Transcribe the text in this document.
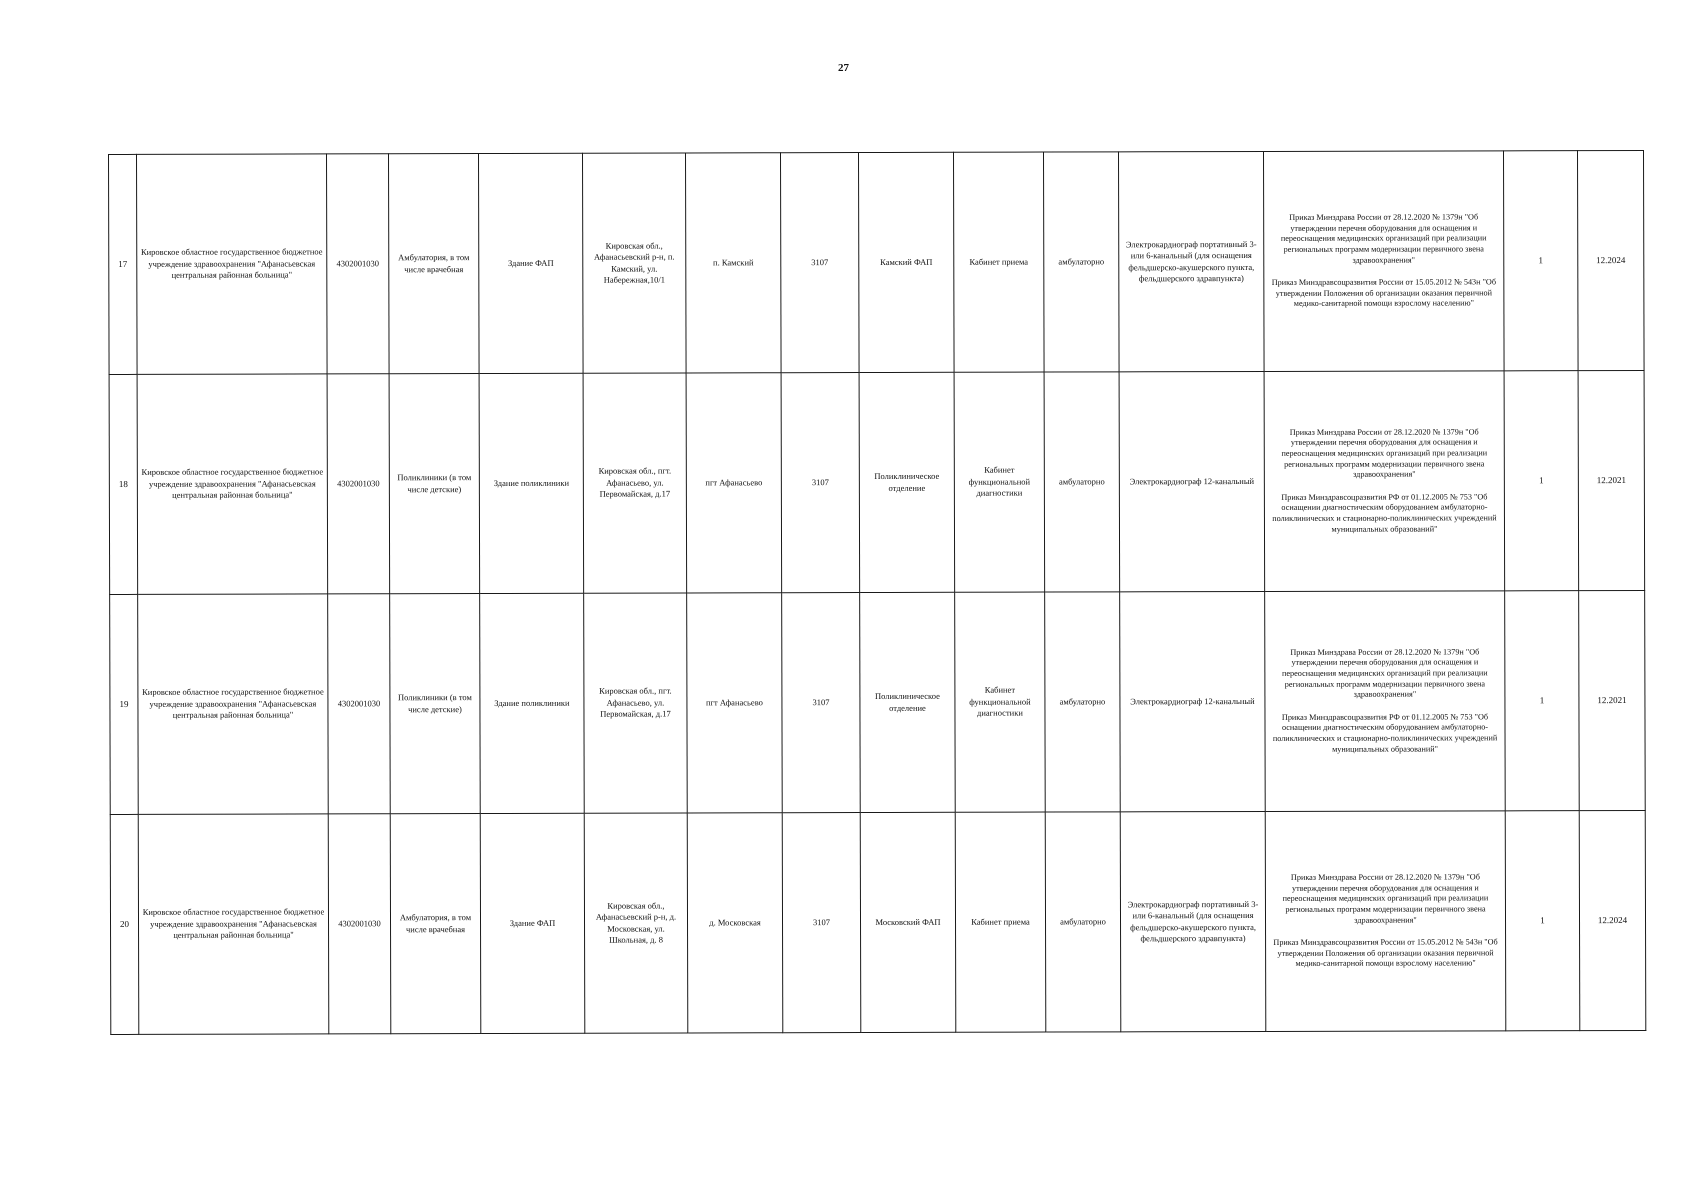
27
17	Кировское областное государственное бюджетное учреждение здравоохранения "Афанасьевская центральная районная больница"	4302001030	Амбулатория, в том числе врачебная	Здание ФАП	Кировская обл., Афанасьевский р-н, п. Камский, ул. Набережная,10/1	п. Камский	3107	Камский ФАП	Кабинет приема	амбулаторно	Электрокардиограф портативный 3- или 6-канальный (для оснащения фельдшерско-акушерского пункта, фельдшерского здравпункта)	Приказ Минздрава России от 28.12.2020 № 1379н "Об утверждении перечня оборудования для оснащения и переоснащения медицинских организаций при реализации региональных программ модернизации первичного звена здравоохранения"
Приказ Минздравсоцразвития России от 15.05.2012 № 543н "Об утверждении Положения об организации оказания первичной медико-санитарной помощи взрослому населению"	1	12.2024
18	Кировское областное государственное бюджетное учреждение здравоохранения "Афанасьевская центральная районная больница"	4302001030	Поликлиники (в том числе детские)	Здание поликлиники	Кировская обл., пгт. Афанасьево, ул. Первомайская, д.17	пгт Афанасьево	3107	Поликлиническое отделение	Кабинет функциональной диагностики	амбулаторно	Электрокардиограф 12-канальный	Приказ Минздрава России от 28.12.2020 № 1379н "Об утверждении перечня оборудования для оснащения и переоснащения медицинских организаций при реализации региональных программ модернизации первичного звена здравоохранения"
Приказ Минздравсоцразвития РФ от 01.12.2005 № 753 "Об оснащении диагностическим оборудованием амбулаторно-поликлинических и стационарно-поликлинических учреждений муниципальных образований"	1	12.2021
19	Кировское областное государственное бюджетное учреждение здравоохранения "Афанасьевская центральная районная больница"	4302001030	Поликлиники (в том числе детские)	Здание поликлиники	Кировская обл., пгт. Афанасьево, ул. Первомайская, д.17	пгт Афанасьево	3107	Поликлиническое отделение	Кабинет функциональной диагностики	амбулаторно	Электрокардиограф 12-канальный	Приказ Минздрава России от 28.12.2020 № 1379н "Об утверждении перечня оборудования для оснащения и переоснащения медицинских организаций при реализации региональных программ модернизации первичного звена здравоохранения"
Приказ Минздравсоцразвития РФ от 01.12.2005 № 753 "Об оснащении диагностическим оборудованием амбулаторно-поликлинических и стационарно-поликлинических учреждений муниципальных образований"	1	12.2021
20	Кировское областное государственное бюджетное учреждение здравоохранения "Афанасьевская центральная районная больница"	4302001030	Амбулатория, в том числе врачебная	Здание ФАП	Кировская обл., Афанасьевский р-н, д. Московская, ул. Школьная, д. 8	д. Московская	3107	Московский ФАП	Кабинет приема	амбулаторно	Электрокардиограф портативный 3- или 6-канальный (для оснащения фельдшерско-акушерского пункта, фельдшерского здравпункта)	Приказ Минздрава России от 28.12.2020 № 1379н "Об утверждении перечня оборудования для оснащения и переоснащения медицинских организаций при реализации региональных программ модернизации первичного звена здравоохранения"
Приказ Минздравсоцразвития России от 15.05.2012 № 543н "Об утверждении Положения об организации оказания первичной медико-санитарной помощи взрослому населению"	1	12.2024
